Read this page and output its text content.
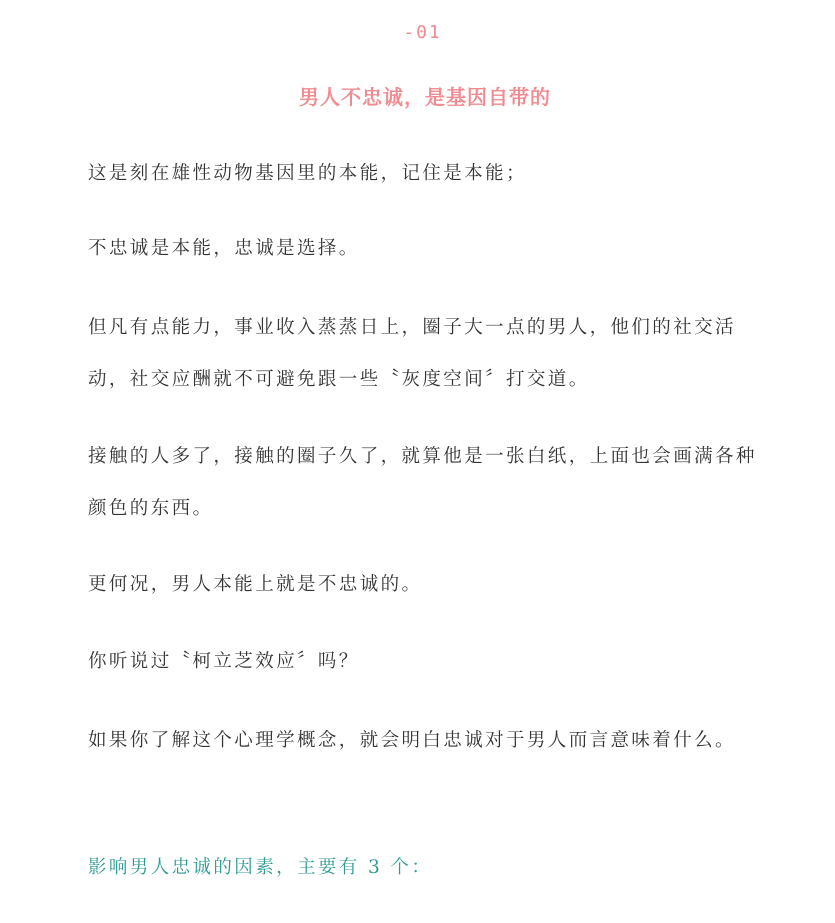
-01
男人不忠诚，是基因自带的

这是刻在雄性动物基因里的本能，记住是本能；

不忠诚是本能，忠诚是选择。

但凡有点能力，事业收入蒸蒸日上，圈子大一点的男人，他们的社交活动，社交应酬就不可避免跟一些〝灰度空间〞打交道。

接触的人多了，接触的圈子久了，就算他是一张白纸，上面也会画满各种颜色的东西。

更何况，男人本能上就是不忠诚的。

你听说过〝柯立芝效应〞吗？

如果你了解这个心理学概念，就会明白忠诚对于男人而言意味着什么。

影响男人忠诚的因素，主要有 3 个：
